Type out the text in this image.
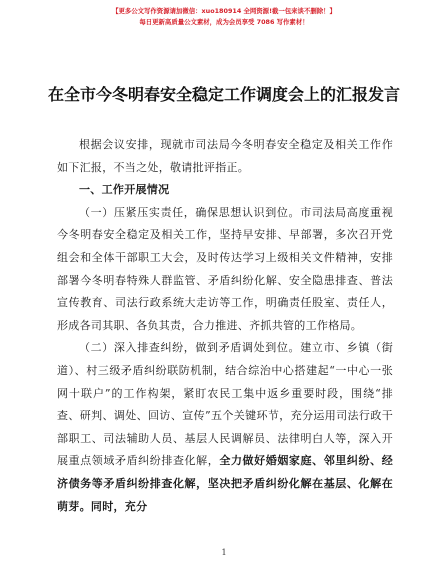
【更多公文写作资源请加微信：xuo180914 全网资源!截一包来谈不删除！】
每日更新高质量公文素材，成为会员享受 7086 写作素材！
在全市今冬明春安全稳定工作调度会上的汇报发言

根据会议安排，现就市司法局今冬明春安全稳定及相关工作作如下汇报，不当之处，敬请批评指正。

一、工作开展情况

（一）压紧压实责任，确保思想认识到位。市司法局高度重视今冬明春安全稳定及相关工作，坚持早安排、早部署，多次召开党组会和全体干部职工大会，及时传达学习上级相关文件精神，安排部署今冬明春特殊人群监管、矛盾纠纷化解、安全隐患排查、普法宣传教育、司法行政系统大走访等工作，明确责任股室、责任人，形成各司其职、各负其责，合力推进、齐抓共管的工作格局。

（二）深入排查纠纷，做到矛盾调处到位。建立市、乡镇（街道）、村三级矛盾纠纷联防机制，结合综治中心搭建起“一中心一张网十联户”的工作构架，紧盯农民工集中返乡重要时段，围绕“排查、研判、调处、回访、宣传”五个关键环节，充分运用司法行政干部职工、司法辅助人员、基层人民调解员、法律明白人等，深入开展重点领域矛盾纠纷排查化解，全力做好婚姻家庭、邻里纠纷、经济债务等矛盾纠纷排查化解，坚决把矛盾纠纷化解在基层、化解在萌芽。同时，充分

1
